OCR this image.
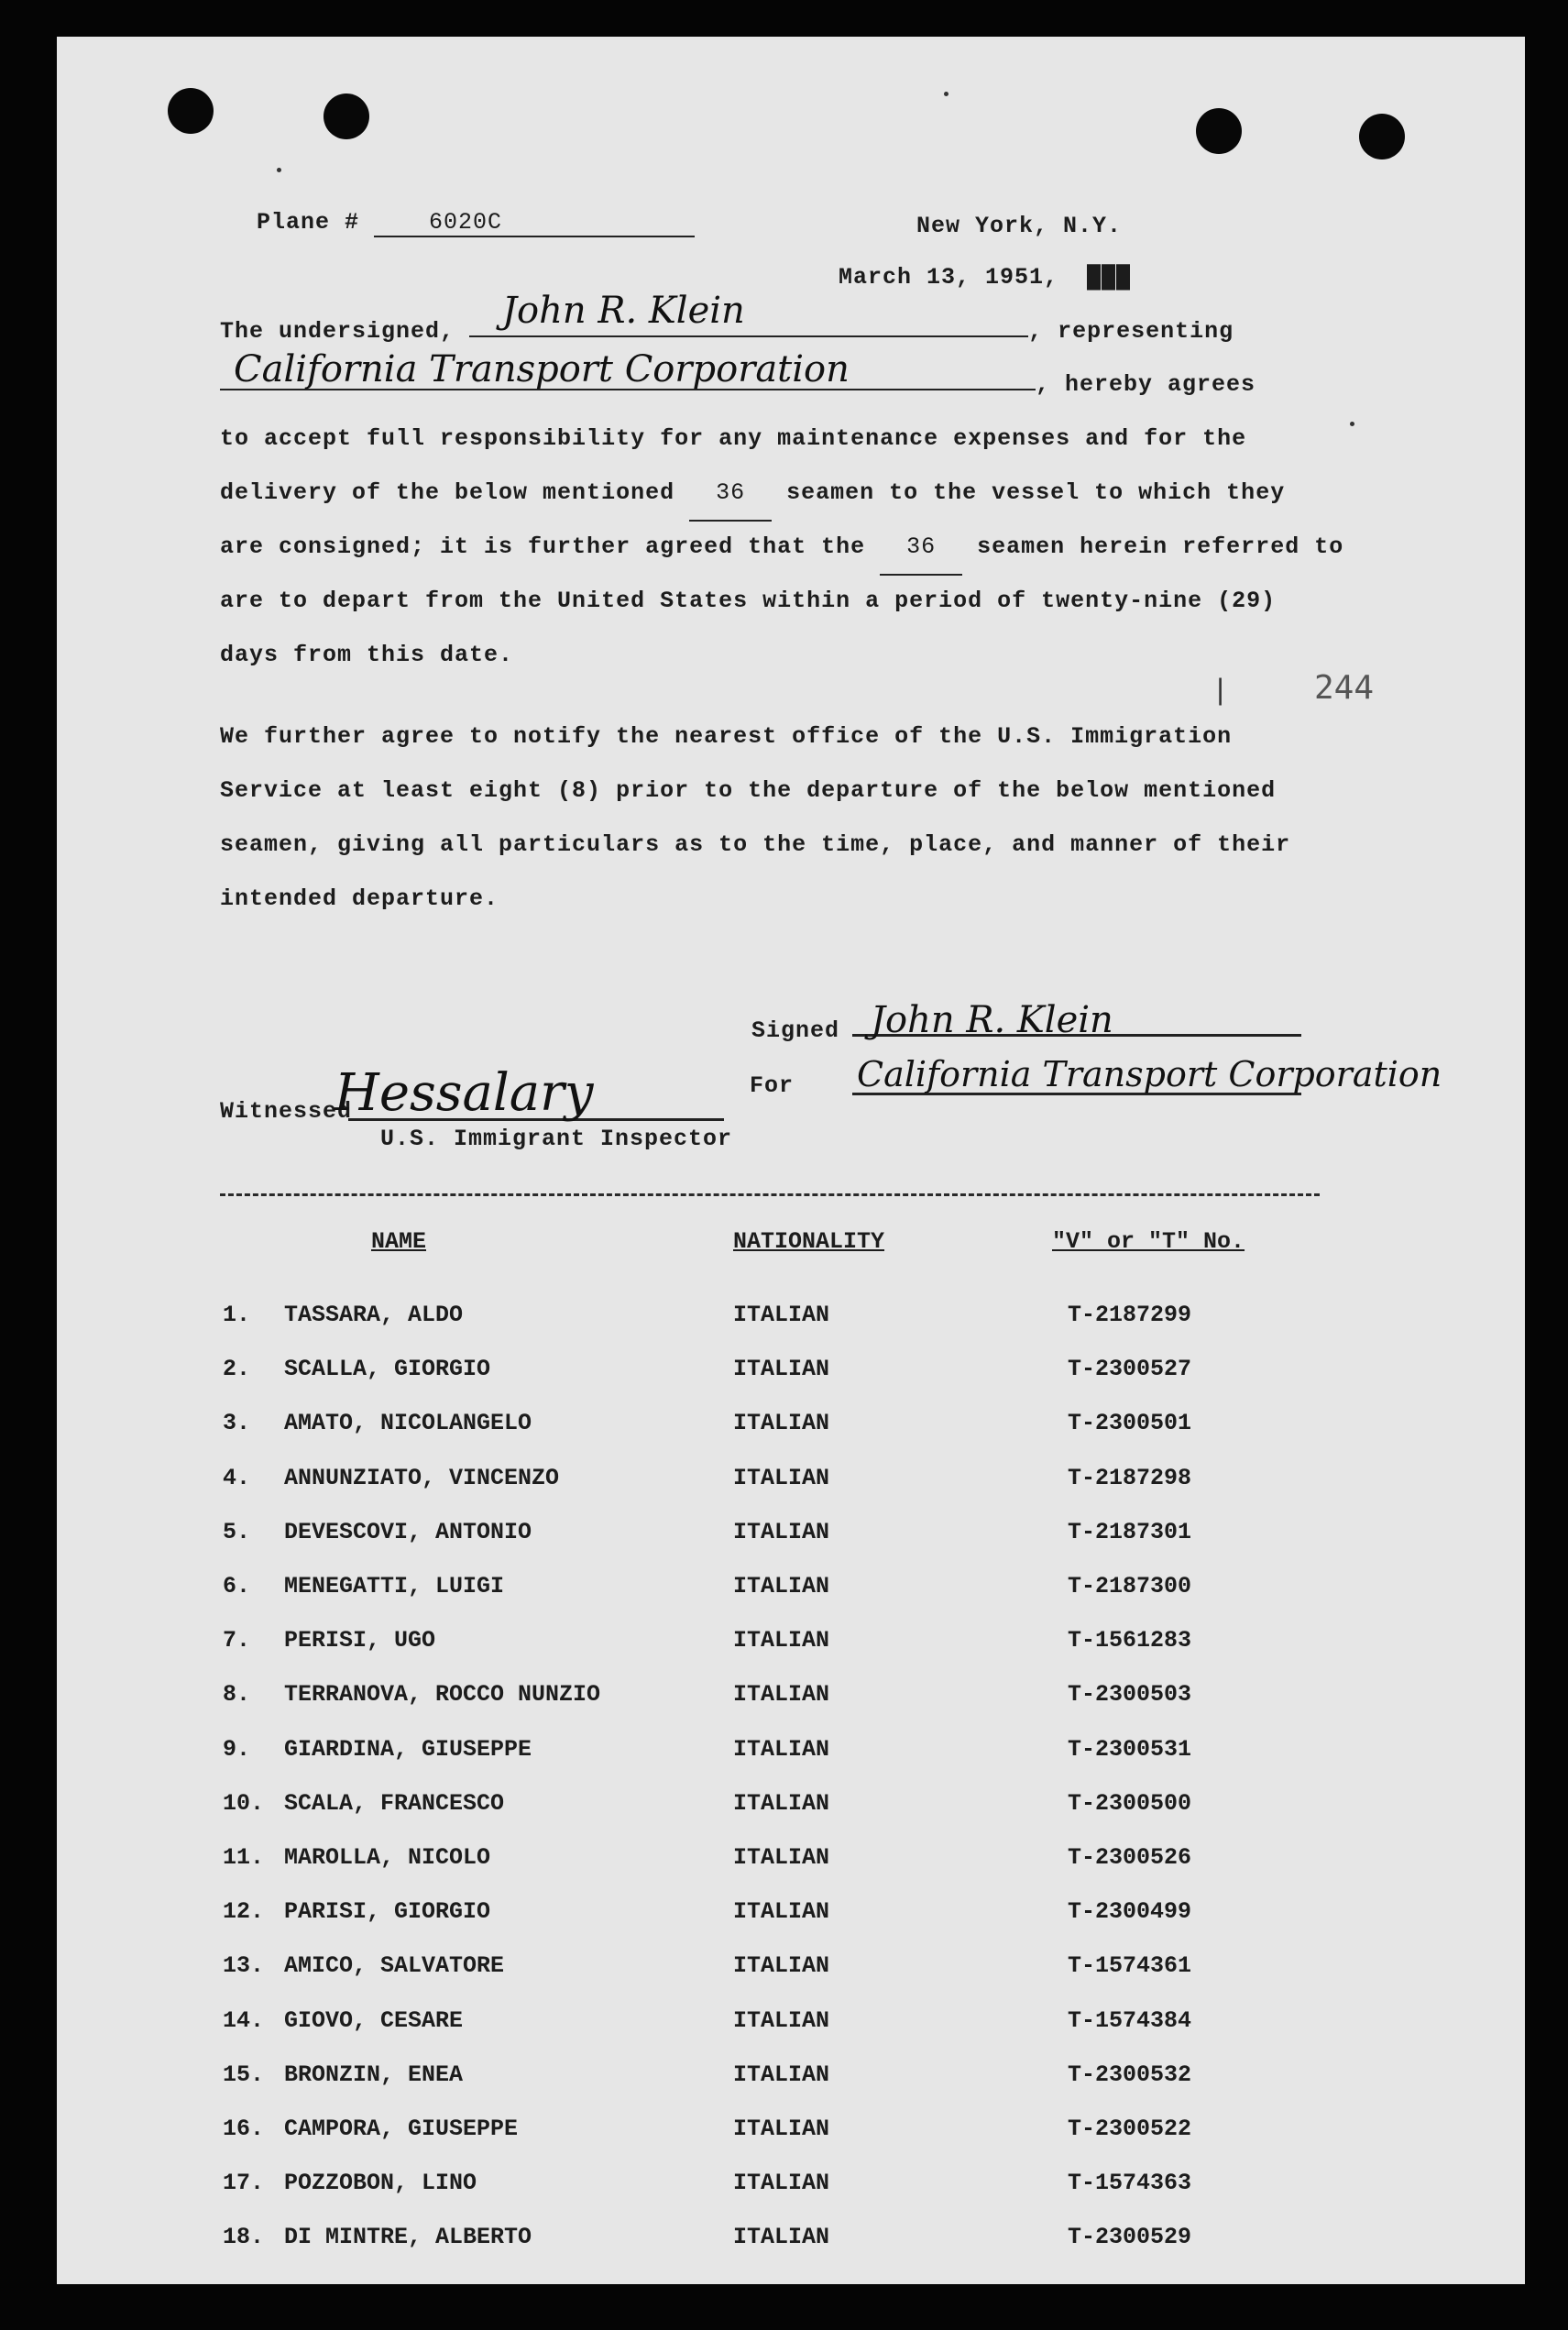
Plane #	6020C	New York, N.Y.
March 13, 1951, ███
The undersigned,	, representing
John R. Klein
, hereby agrees
California Transport Corporation
to accept full responsibility for any maintenance expenses and for the
delivery of the below mentioned 36 seamen to the vessel to which they
are consigned; it is further agreed that the 36 seamen herein referred to
are to depart from the United States within a period of twenty-nine (29)
days from this date.
|	244
We further agree to notify the nearest office of the U.S. Immigration
Service at least eight (8) prior to the departure of the below mentioned
seamen, giving all particulars as to the time, place, and manner of their
intended departure.
Signed John R. Klein
For California Transport Corporation
Witnessed
Hessalary
U.S. Immigrant Inspector
NAME	NATIONALITY	"V" or "T" No.
1. TASSARA, ALDO	ITALIAN	T-2187299
2. SCALLA, GIORGIO	ITALIAN	T-2300527
3. AMATO, NICOLANGELO	ITALIAN	T-2300501
4. ANNUNZIATO, VINCENZO	ITALIAN	T-2187298
5. DEVESCOVI, ANTONIO	ITALIAN	T-2187301
6. MENEGATTI, LUIGI	ITALIAN	T-2187300
7. PERISI, UGO	ITALIAN	T-1561283
8. TERRANOVA, ROCCO NUNZIO	ITALIAN	T-2300503
9. GIARDINA, GIUSEPPE	ITALIAN	T-2300531
10. SCALA, FRANCESCO	ITALIAN	T-2300500
11. MAROLLA, NICOLO	ITALIAN	T-2300526
12. PARISI, GIORGIO	ITALIAN	T-2300499
13. AMICO, SALVATORE	ITALIAN	T-1574361
14. GIOVO, CESARE	ITALIAN	T-1574384
15. BRONZIN, ENEA	ITALIAN	T-2300532
16. CAMPORA, GIUSEPPE	ITALIAN	T-2300522
17. POZZOBON, LINO	ITALIAN	T-1574363
18. DI MINTRE, ALBERTO	ITALIAN	T-2300529
